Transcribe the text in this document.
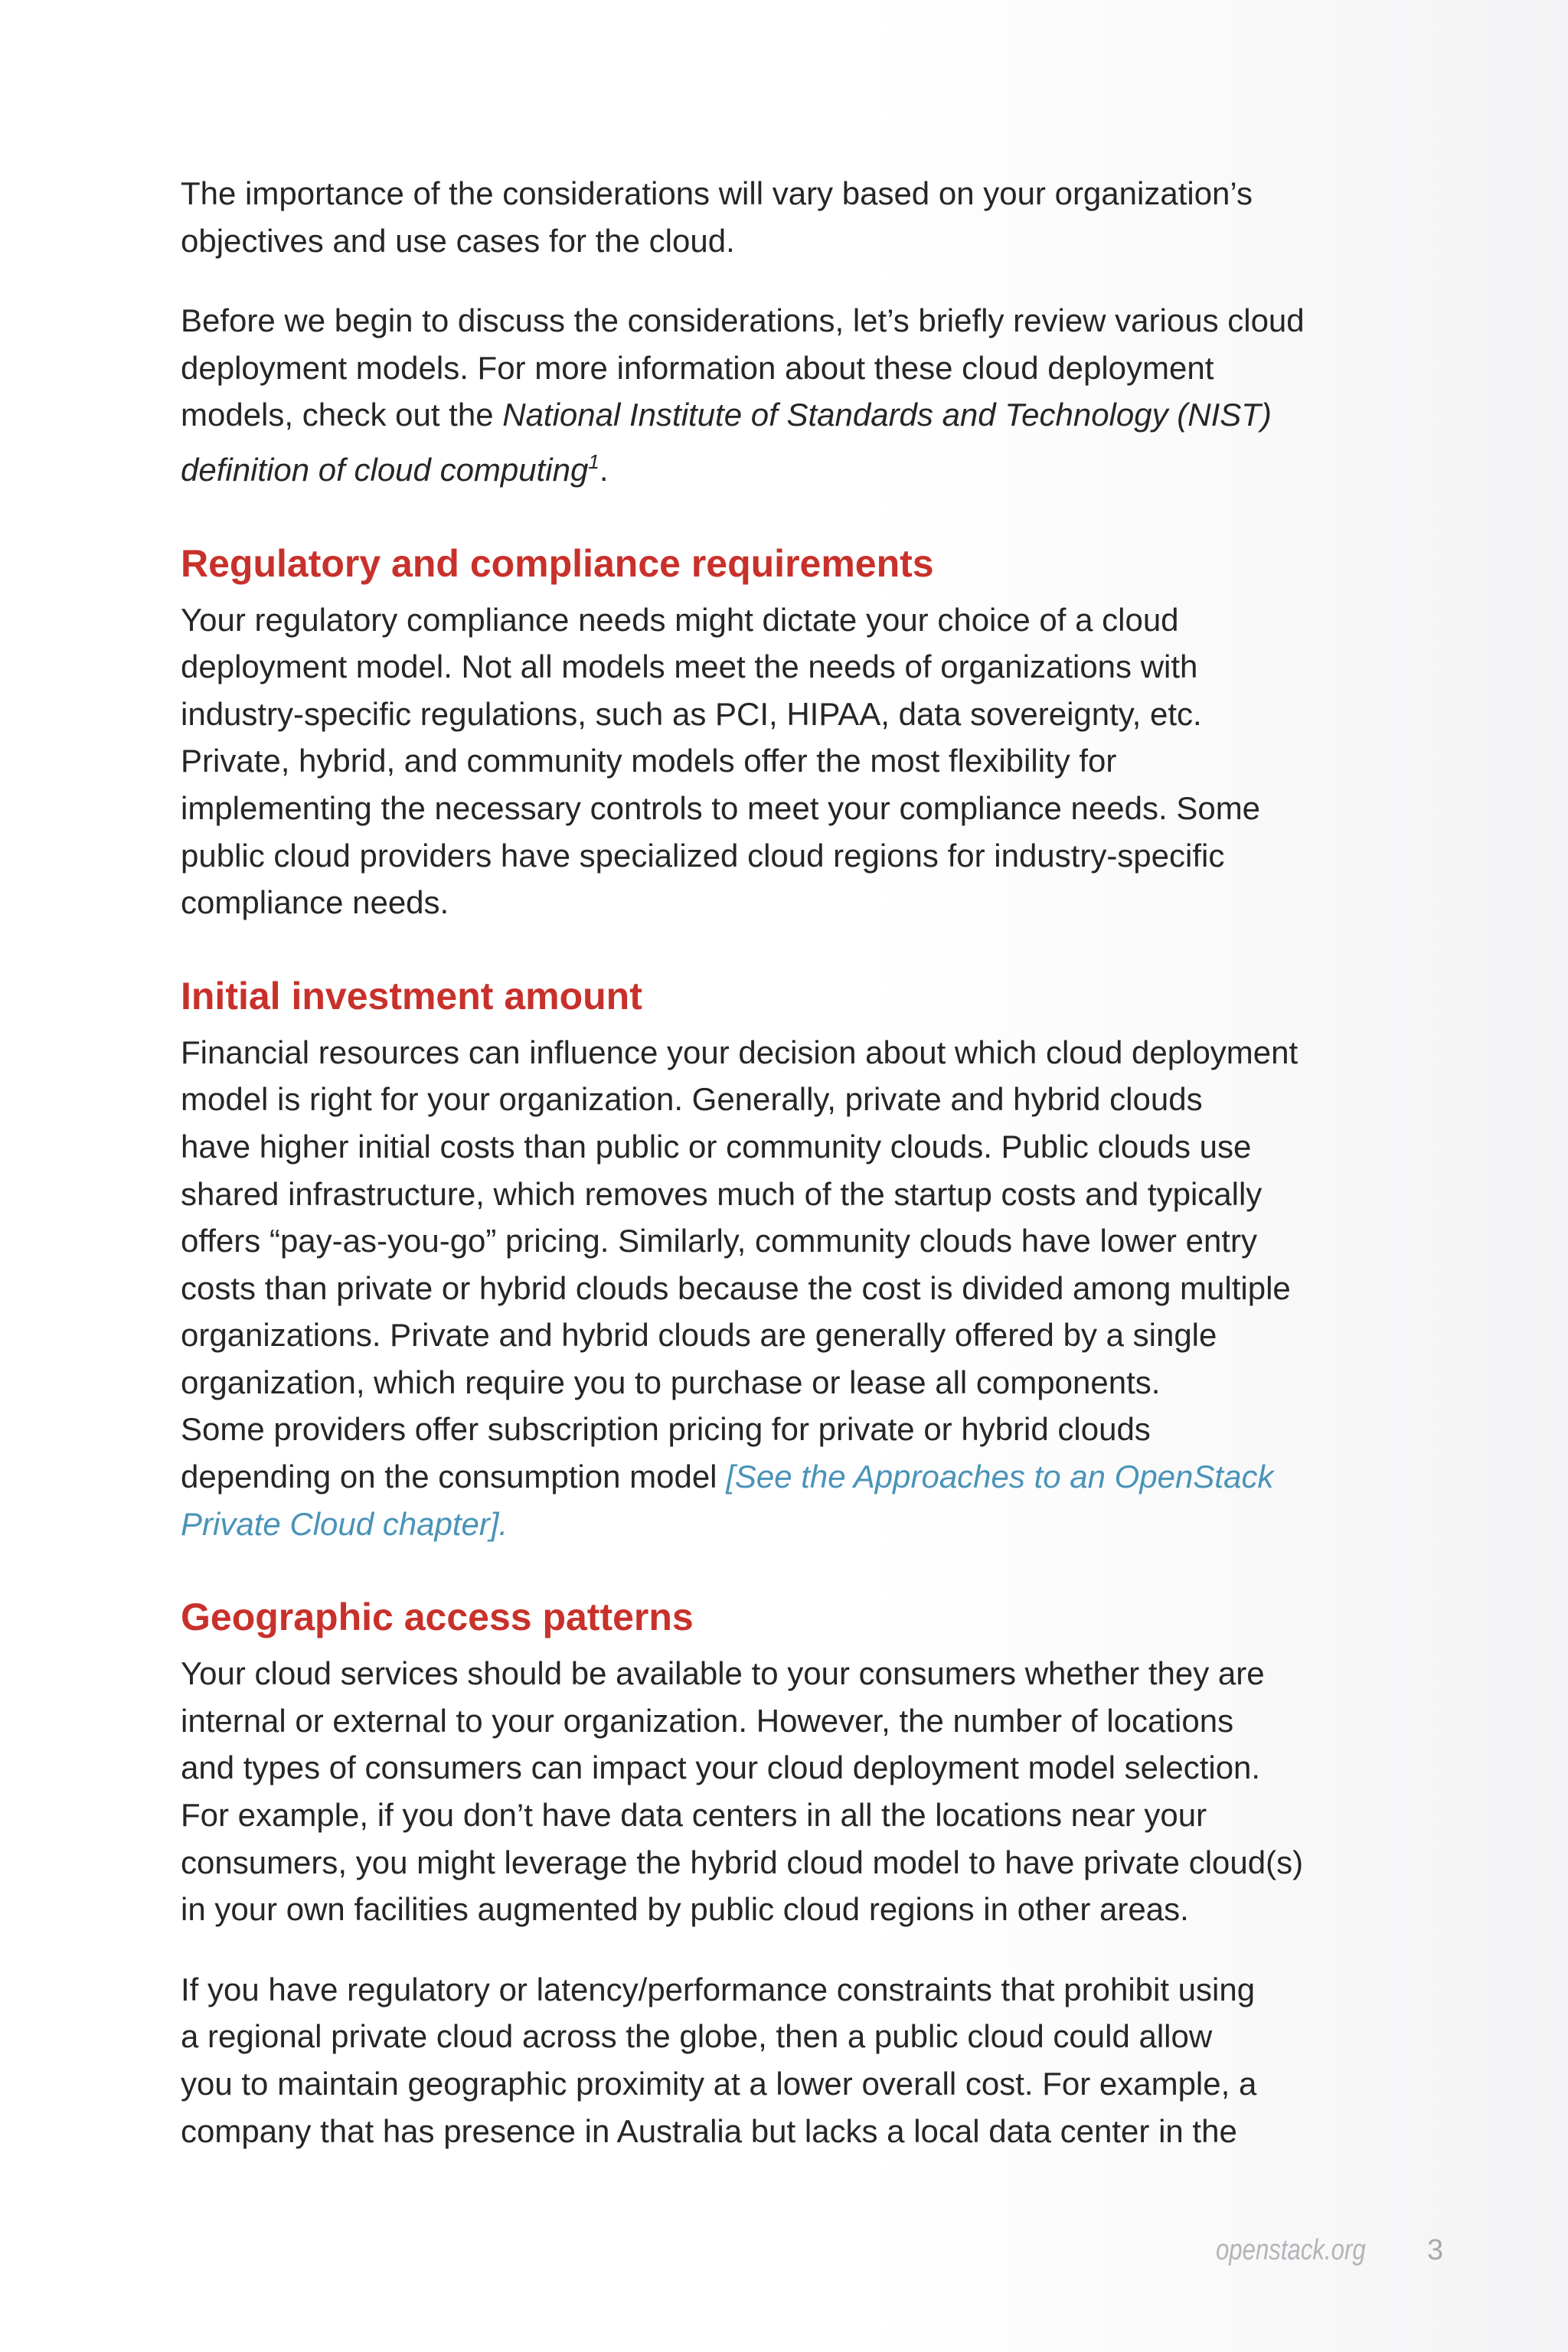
The importance of the considerations will vary based on your organization’s
objectives and use cases for the cloud.

Before we begin to discuss the considerations, let’s briefly review various cloud
deployment models. For more information about these cloud deployment
models, check out the National Institute of Standards and Technology (NIST)
definition of cloud computing$^1$.

Regulatory and compliance requirements

Your regulatory compliance needs might dictate your choice of a cloud
deployment model. Not all models meet the needs of organizations with
industry-specific regulations, such as PCI, HIPAA, data sovereignty, etc.
Private, hybrid, and community models offer the most flexibility for
implementing the necessary controls to meet your compliance needs. Some
public cloud providers have specialized cloud regions for industry-specific
compliance needs.

Initial investment amount

Financial resources can influence your decision about which cloud deployment
model is right for your organization. Generally, private and hybrid clouds
have higher initial costs than public or community clouds. Public clouds use
shared infrastructure, which removes much of the startup costs and typically
offers “pay-as-you-go” pricing. Similarly, community clouds have lower entry
costs than private or hybrid clouds because the cost is divided among multiple
organizations. Private and hybrid clouds are generally offered by a single
organization, which require you to purchase or lease all components.
Some providers offer subscription pricing for private or hybrid clouds
depending on the consumption model [See the Approaches to an OpenStack
Private Cloud chapter].

Geographic access patterns

Your cloud services should be available to your consumers whether they are
internal or external to your organization. However, the number of locations
and types of consumers can impact your cloud deployment model selection.
For example, if you don’t have data centers in all the locations near your
consumers, you might leverage the hybrid cloud model to have private cloud(s)
in your own facilities augmented by public cloud regions in other areas.

If you have regulatory or latency/performance constraints that prohibit using
a regional private cloud across the globe, then a public cloud could allow
you to maintain geographic proximity at a lower overall cost. For example, a
company that has presence in Australia but lacks a local data center in the

openstack.org 3
